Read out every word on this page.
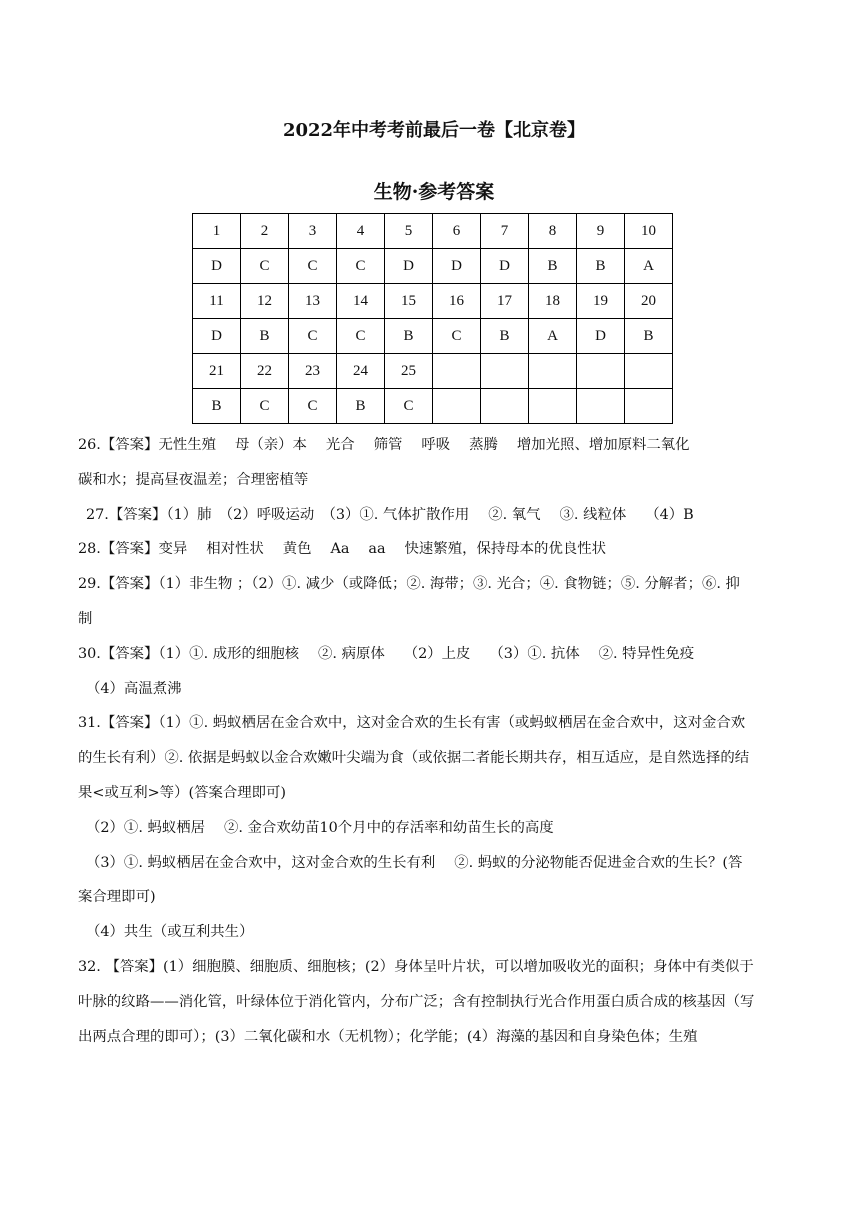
2022年中考考前最后一卷【北京卷】
生物·参考答案
1	2	3	4	5	6	7	8	9	10
D	C	C	C	D	D	D	B	B	A
11	12	13	14	15	16	17	18	19	20
D	B	C	C	B	C	B	A	D	B
21	22	23	24	25					
B	C	C	B	C					
26.【答案】无性生殖　 母（亲）本　 光合　 筛管　 呼吸　 蒸腾　 增加光照、增加原料二氧化
碳和水；提高昼夜温差；合理密植等
27.【答案】（1）肺　（2）呼吸运动　（3）①. 气体扩散作用　 ②. 氧气　 ③. 线粒体　 （4）B
28.【答案】变异　 相对性状　 黄色　 Aa　 aa　 快速繁殖，保持母本的优良性状
29.【答案】（1）非生物 ；（2）①. 减少（或降低；②. 海带；③. 光合；④. 食物链；⑤. 分解者；⑥. 抑
制
30.【答案】（1）①. 成形的细胞核　 ②. 病原体　 （2）上皮　 （3）①. 抗体　 ②. 特异性免疫
（4）高温煮沸
31.【答案】（1）①. 蚂蚁栖居在金合欢中，这对金合欢的生长有害（或蚂蚁栖居在金合欢中，这对金合欢
的生长有利）②. 依据是蚂蚁以金合欢嫩叶尖端为食（或依据二者能长期共存，相互适应，是自然选择的结
果<或互利>等）(答案合理即可)
（2）①. 蚂蚁栖居　 ②. 金合欢幼苗10个月中的存活率和幼苗生长的高度
（3）①. 蚂蚁栖居在金合欢中，这对金合欢的生长有利　 ②. 蚂蚁的分泌物能否促进金合欢的生长？(答
案合理即可)
（4）共生（或互利共生）
32. 【答案】(1）细胞膜、细胞质、细胞核；(2）身体呈叶片状，可以增加吸收光的面积；身体中有类似于
叶脉的纹路——消化管，叶绿体位于消化管内，分布广泛；含有控制执行光合作用蛋白质合成的核基因（写
出两点合理的即可）；(3）二氧化碳和水（无机物）；化学能；(4）海藻的基因和自身染色体；生殖
